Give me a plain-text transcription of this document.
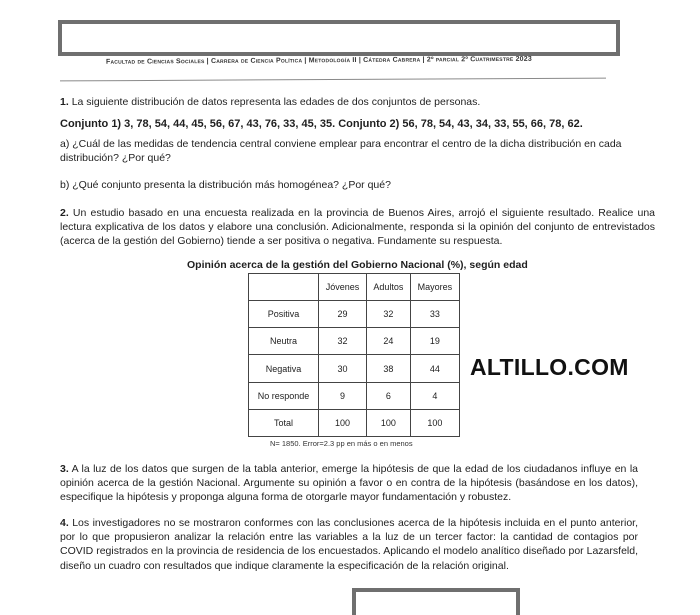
Facultad de Ciencias Sociales | Carrera de Ciencia Política | Metodología II | Cátedra Cabrera | 2º parcial 2º Cuatrimestre 2023
1. La siguiente distribución de datos representa las edades de dos conjuntos de personas.
Conjunto 1) 3, 78, 54, 44, 45, 56, 67, 43, 76, 33, 45, 35. Conjunto 2) 56, 78, 54, 43, 34, 33, 55, 66, 78, 62.
a) ¿Cuál de las medidas de tendencia central conviene emplear para encontrar el centro de la dicha distribución en cada distribución? ¿Por qué?
b) ¿Qué conjunto presenta la distribución más homogénea? ¿Por qué?
2. Un estudio basado en una encuesta realizada en la provincia de Buenos Aires, arrojó el siguiente resultado. Realice una lectura explicativa de los datos y elabore una conclusión. Adicionalmente, responda si la opinión del conjunto de entrevistados (acerca de la gestión del Gobierno) tiende a ser positiva o negativa. Fundamente su respuesta.
Opinión acerca de la gestión del Gobierno Nacional (%), según edad
	Jóvenes	Adultos	Mayores
Positiva	29	32	33
Neutra	32	24	19
Negativa	30	38	44
No responde	9	6	4
Total	100	100	100
N= 1850. Error=2.3 pp en más o en menos
ALTILLO.COM
3. A la luz de los datos que surgen de la tabla anterior, emerge la hipótesis de que la edad de los ciudadanos influye en la opinión acerca de la gestión Nacional. Argumente su opinión a favor o en contra de la hipótesis (basándose en los datos), especifique la hipótesis y proponga alguna forma de otorgarle mayor fundamentación y robustez.
4. Los investigadores no se mostraron conformes con las conclusiones acerca de la hipótesis incluida en el punto anterior, por lo que propusieron analizar la relación entre las variables a la luz de un tercer factor: la cantidad de contagios por COVID registrados en la provincia de residencia de los encuestados. Aplicando el modelo analítico diseñado por Lazarsfeld, diseño un cuadro con resultados que indique claramente la especificación de la relación original.
